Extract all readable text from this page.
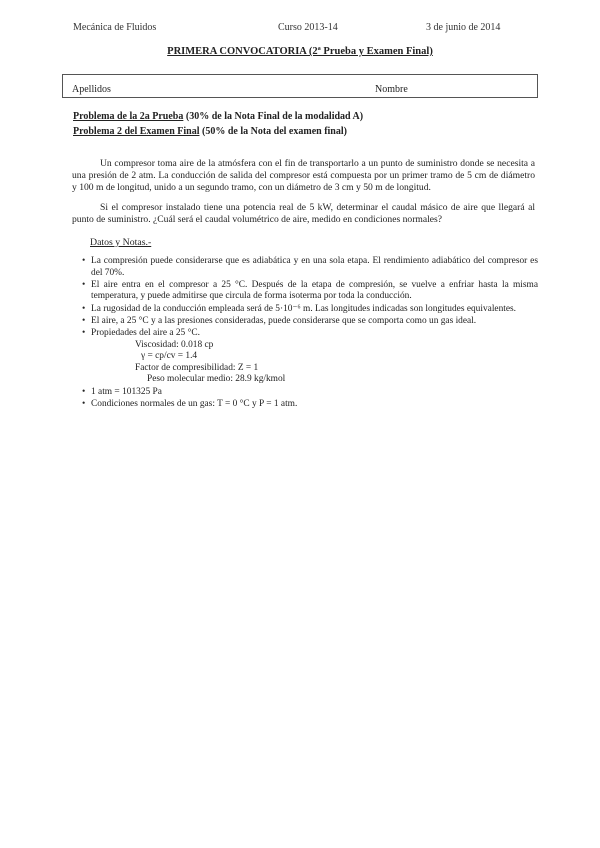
Mecánica de Fluidos	Curso 2013-14	3 de junio de 2014
PRIMERA CONVOCATORIA (2ª Prueba y Examen Final)
Apellidos	Nombre
Problema de la 2a Prueba (30% de la Nota Final de la modalidad A)
Problema 2 del Examen Final (50% de la Nota del examen final)

Un compresor toma aire de la atmósfera con el fin de transportarlo a un punto de suministro donde se necesita a una presión de 2 atm. La conducción de salida del compresor está compuesta por un primer tramo de 5 cm de diámetro y 100 m de longitud, unido a un segundo tramo, con un diámetro de 3 cm y 50 m de longitud.

Si el compresor instalado tiene una potencia real de 5 kW, determinar el caudal másico de aire que llegará al punto de suministro. ¿Cuál será el caudal volumétrico de aire, medido en condiciones normales?

Datos y Notas.-
• La compresión puede considerarse que es adiabática y en una sola etapa. El rendimiento adiabático del compresor es del 70%.
• El aire entra en el compresor a 25 °C. Después de la etapa de compresión, se vuelve a enfriar hasta la misma temperatura, y puede admitirse que circula de forma isoterma por toda la conducción.
• La rugosidad de la conducción empleada será de 5·10⁻⁶ m. Las longitudes indicadas son longitudes equivalentes.
• El aire, a 25 °C y a las presiones consideradas, puede considerarse que se comporta como un gas ideal.
• Propiedades del aire a 25 °C.
Viscosidad: 0.018 cp
γ = cp/cv = 1.4
Factor de compresibilidad: Z = 1
Peso molecular medio: 28.9 kg/kmol
• 1 atm = 101325 Pa
• Condiciones normales de un gas: T = 0 °C y P = 1 atm.
